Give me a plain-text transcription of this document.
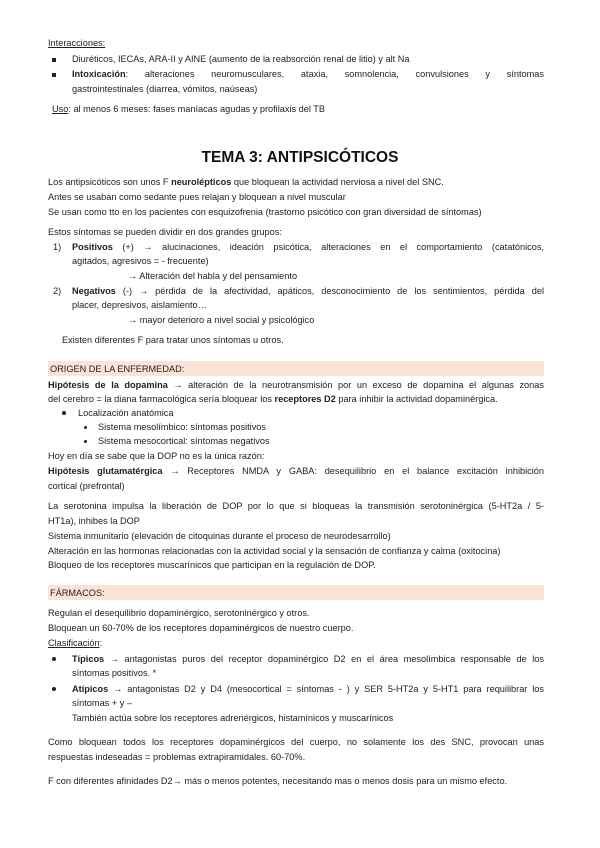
Interacciones:
Diuréticos, IECAs, ARA-II y AINE (aumento de la reabsorción renal de litio) y alt Na
Intoxicación: alteraciones neuromusculares, ataxia, somnolencia, convulsiones y síntomas
gastrointestinales (diarrea, vómitos, naúseas)
Uso: al menos 6 meses: fases maníacas agudas y profilaxis del TB
TEMA 3: ANTIPSICÓTICOS
Los antipsicóticos son unos F neurolépticos que bloquean la actividad nerviosa a nivel del SNC.
Antes se usaban como sedante pues relajan y bloquean a nivel muscular
Se usan como tto en los pacientes con esquizofrenia (trastorno psicótico con gran diversidad de síntomas)
Estos síntomas se pueden dividir en dos grandes grupos:
1) Positivos (+) → alucinaciones, ideación psicótica, alteraciones en el comportamiento (catatónicos,
agitados, agresivos = - frecuente)
→ Alteración del habla y del pensamiento
2) Negativos (-) → pérdida de la afectividad, apáticos, desconocimiento de los sentimientos, pérdida del
placer, depresivos, aislamiento…
→ mayor deterioro a nivel social y psicológico
Existen diferentes F para tratar unos síntomas u otros.
ORIGEN DE LA ENFERMEDAD:
Hipótesis de la dopamina → alteración de la neurotransmisión por un exceso de dopamina el algunas zonas
del cerebro = la diana farmacológica sería bloquear los receptores D2 para inhibir la actividad dopaminérgica.
Localización anatómica
Sistema mesolímbico: síntomas positivos
Sistema mesocortical: síntomas negativos
Hoy en día se sabe que la DOP no es la única razón:
Hipótesis glutamatérgica → Receptores NMDA y GABA: desequilibrio en el balance excitación inhibición
cortical (prefrontal)
La serotonina impulsa la liberación de DOP por lo que si bloqueas la transmisión serotoninérgica (5-HT2a / 5-
HT1a), inhibes la DOP
Sistema inmunitario (elevación de citoquinas durante el proceso de neurodesarrollo)
Alteración en las hormonas relacionadas con la actividad social y la sensación de confianza y calma (oxitocina)
Bloqueo de los receptores muscarínicos que participan en la regulación de DOP.
FÁRMACOS:
Regulan el desequilibrio dopaminérgico, serotoninérgico y otros.
Bloquean un 60-70% de los receptores dopaminérgicos de nuestro cuerpo.
Clasificación:
Típicos → antagonistas puros del receptor dopaminérgico D2 en el área mesolímbica responsable de los
síntomas positivos. *
Atípicos → antagonistas D2 y D4 (mesocortical = síntomas - ) y SER 5-HT2a y 5-HT1 para requilibrar los
síntomas + y –
También actúa sobre los receptores adrenérgicos, histamínicos y muscarínicos
Como bloquean todos los receptores dopaminérgicos del cuerpo, no solamente los des SNC, provocan unas
respuestas indeseadas = problemas extrapiramidales. 60-70%.
F con diferentes afinidades D2→ más o menos potentes, necesitando mas o menos dosis para un mismo efecto.
